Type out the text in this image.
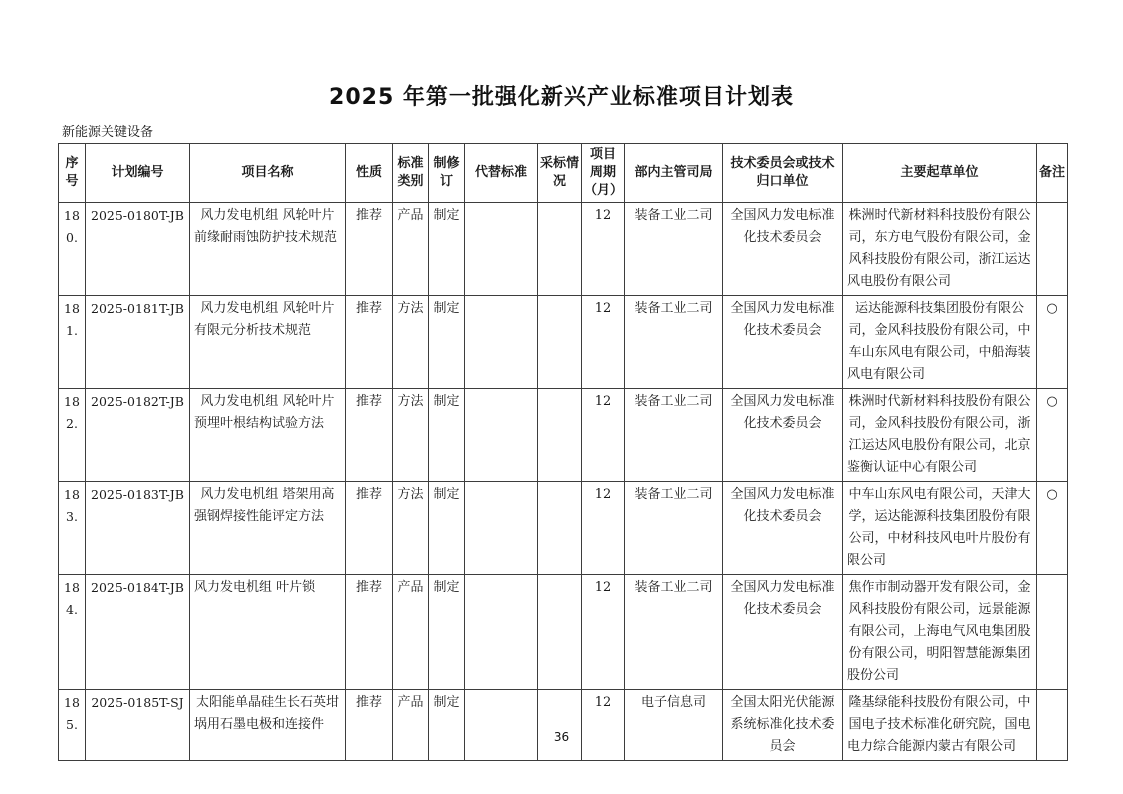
2025 年第一批强化新兴产业标准项目计划表
新能源关键设备
序号	计划编号	项目名称	性质	标准类别	制修订	代替标准	采标情况	项目周期（月）	部内主管司局	技术委员会或技术归口单位	主要起草单位	备注
180.	2025-0180T-JB	风力发电机组 风轮叶片前缘耐雨蚀防护技术规范	推荐	产品	制定			12	装备工业二司	全国风力发电标准化技术委员会	株洲时代新材料科技股份有限公司，东方电气股份有限公司，金风科技股份有限公司，浙江运达风电股份有限公司	
181.	2025-0181T-JB	风力发电机组 风轮叶片有限元分析技术规范	推荐	方法	制定			12	装备工业二司	全国风力发电标准化技术委员会	运达能源科技集团股份有限公司，金风科技股份有限公司，中车山东风电有限公司，中船海装风电有限公司	○
182.	2025-0182T-JB	风力发电机组 风轮叶片预埋叶根结构试验方法	推荐	方法	制定			12	装备工业二司	全国风力发电标准化技术委员会	株洲时代新材料科技股份有限公司，金风科技股份有限公司，浙江运达风电股份有限公司，北京鉴衡认证中心有限公司	○
183.	2025-0183T-JB	风力发电机组 塔架用高强钢焊接性能评定方法	推荐	方法	制定			12	装备工业二司	全国风力发电标准化技术委员会	中车山东风电有限公司，天津大学，运达能源科技集团股份有限公司，中材科技风电叶片股份有限公司	○
184.	2025-0184T-JB	风力发电机组 叶片锁	推荐	产品	制定			12	装备工业二司	全国风力发电标准化技术委员会	焦作市制动器开发有限公司，金风科技股份有限公司，远景能源有限公司，上海电气风电集团股份有限公司，明阳智慧能源集团股份公司	
185.	2025-0185T-SJ	太阳能单晶硅生长石英坩埚用石墨电极和连接件	推荐	产品	制定			12	电子信息司	全国太阳光伏能源系统标准化技术委员会	隆基绿能科技股份有限公司，中国电子技术标准化研究院，国电电力综合能源内蒙古有限公司	
36
